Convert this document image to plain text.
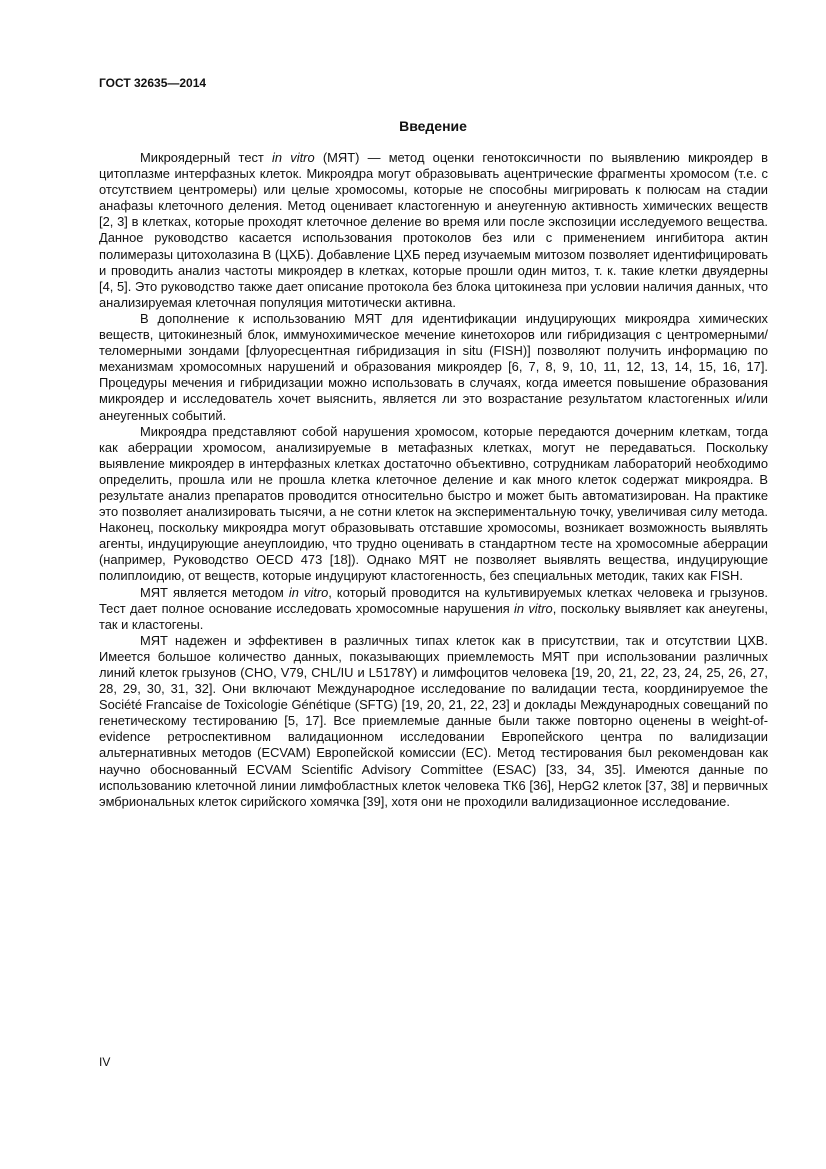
ГОСТ 32635—2014
Введение

Микроядерный тест in vitro (МЯТ) — метод оценки генотоксичности по выявлению микроядер в цитоплазме интерфазных клеток. Микроядра могут образовывать ацентрические фрагменты хромосом (т.е. с отсутствием центромеры) или целые хромосомы, которые не способны мигрировать к полюсам на стадии анафазы клеточного деления. Метод оценивает кластогенную и анеугенную активность химических веществ [2, 3] в клетках, которые проходят клеточное деление во время или после экспозиции исследуемого вещества. Данное руководство касается использования протоколов без или с применением ингибитора актин полимеразы цитохолазина В (ЦХБ). Добавление ЦХБ перед изучаемым митозом позволяет идентифицировать и проводить анализ частоты микроядер в клетках, которые прошли один митоз, т. к. такие клетки двуядерны [4, 5]. Это руководство также дает описание протокола без блока цитокинеза при условии наличия данных, что анализируемая клеточная популяция митотически активна.

В дополнение к использованию МЯТ для идентификации индуцирующих микроядра химических веществ, цитокинезный блок, иммунохимическое мечение кинетохоров или гибридизация с центромерными/теломерными зондами [флуоресцентная гибридизация in situ (FISH)] позволяют получить информацию по механизмам хромосомных нарушений и образования микроядер [6, 7, 8, 9, 10, 11, 12, 13, 14, 15, 16, 17]. Процедуры мечения и гибридизации можно использовать в случаях, когда имеется повышение образования микроядер и исследователь хочет выяснить, является ли это возрастание результатом кластогенных и/или анеугенных событий.

Микроядра представляют собой нарушения хромосом, которые передаются дочерним клеткам, тогда как аберрации хромосом, анализируемые в метафазных клетках, могут не передаваться. Поскольку выявление микроядер в интерфазных клетках достаточно объективно, сотрудникам лабораторий необходимо определить, прошла или не прошла клетка клеточное деление и как много клеток содержат микроядра. В результате анализ препаратов проводится относительно быстро и может быть автоматизирован. На практике это позволяет анализировать тысячи, а не сотни клеток на экспериментальную точку, увеличивая силу метода. Наконец, поскольку микроядра могут образовывать отставшие хромосомы, возникает возможность выявлять агенты, индуцирующие анеуплоидию, что трудно оценивать в стандартном тесте на хромосомные аберрации (например, Руководство OECD 473 [18]). Однако МЯТ не позволяет выявлять вещества, индуцирующие полиплоидию, от веществ, которые индуцируют кластогенность, без специальных методик, таких как FISH.

МЯТ является методом in vitro, который проводится на культивируемых клетках человека и грызунов. Тест дает полное основание исследовать хромосомные нарушения in vitro, поскольку выявляет как анеугены, так и кластогены.

МЯТ надежен и эффективен в различных типах клеток как в присутствии, так и отсутствии ЦХВ. Имеется большое количество данных, показывающих приемлемость МЯТ при использовании различных линий клеток грызунов (CHO, V79, CHL/IU и L5178Y) и лимфоцитов человека [19, 20, 21, 22, 23, 24, 25, 26, 27, 28, 29, 30, 31, 32]. Они включают Международное исследование по валидации теста, координируемое the Société Francaise de Toxicologie Génétique (SFTG) [19, 20, 21, 22, 23] и доклады Международных совещаний по генетическому тестированию [5, 17]. Все приемлемые данные были также повторно оценены в weight-of-evidence ретроспективном валидационном исследовании Европейского центра по валидизации альтернативных методов (ECVAM) Европейской комиссии (ЕС). Метод тестирования был рекомендован как научно обоснованный ECVAM Scientific Advisory Committee (ESAC) [33, 34, 35]. Имеются данные по использованию клеточной линии лимфобластных клеток человека ТК6 [36], HepG2 клеток [37, 38] и первичных эмбриональных клеток сирийского хомячка [39], хотя они не проходили валидизационное исследование.

IV
